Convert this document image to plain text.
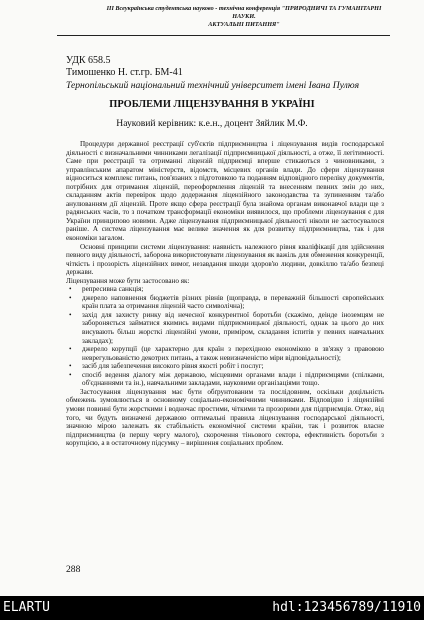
ІІІ Всеукраїнська студентська науково - технічна конференція "ПРИРОДНИЧІ ТА ГУМАНІТАРНІ НАУКИ.
АКТУАЛЬНІ ПИТАННЯ"
УДК 658.5
Тимошенко Н. ст.гр. БМ-41
Тернопільський національний технічний університет імені Івана Пулюя
ПРОБЛЕМИ ЛІЦЕНЗУВАННЯ В УКРАЇНІ
Науковий керівник: к.е.н., доцент Зяйлик М.Ф.

Процедури державної реєстрації суб'єктів підприємництва і ліцензування видів господарської діяльності є визначальними чинниками легалізації підприємницької діяльності, а отже, її легітимності. Саме при реєстрації та отриманні ліцензій підприємці вперше стикаються з чиновниками, з управлінським апаратом міністерств, відомств, місцевих органів влади. До сфери ліцензування відноситься комплекс питань, пов'язаних з підготовкою та поданням відповідного переліку документів, потрібних для отримання ліцензій, переоформлення ліцензій та внесенням певних змін до них, складанням актів перевірок щодо додержання ліцензійного законодавства та зупиненням та/або анулюванням дії ліцензій. Проте якщо сфера реєстрації була знайома органам виконавчої влади ще з радянських часів, то з початком трансформації економіки виявилося, що проблеми ліцензування є для України принципово новими. Адже ліцензування підприємницької діяльності ніколи не застосувалося раніше. А система ліцензування має велике значення як для розвитку підприємництва, так і для економіки загалом.

Основні принципи системи ліцензування: наявність належного рівня кваліфікації для здійснення певного виду діяльності, заборона використовувати ліцензування як важіль для обмеження конкуренції, чіткість і прозорість ліцензійних вимог, незавдання шкоди здоров'ю людини, довкіллю та/або безпеці держави.

Ліцензування може бути застосовано як:

• репресивна санкція;
• джерело наповнення бюджетів різних рівнів (щоправда, в переважній більшості європейських країн плата за отримання ліцензій часто символічна);
• захід для захисту ринку від нечесної конкурентної боротьби (скажімо, деінде іноземцям не забороняється займатися якимись видами підприємницької діяльності, однак за цього до них висувають більш жорсткі ліцензійні умови, приміром, складання іспитів у певних навчальних закладах);
• джерело корупції (це характерно для країн з перехідною економікою в зв'язку з правовою неврегульованістю декотрих питань, а також невизначеністю міри відповідальності);
• засіб для забезпечення високого рівня якості робіт і послуг;
• спосіб ведення діалогу між державою, місцевими органами влади і підприємцями (спілками, об'єднаннями та ін.), навчальними закладами, науковими організаціями тощо.

Застосування ліцензування має бути обґрунтованим та послідовним, оскільки доцільність обмежень зумовлюється в основному соціально-економічними чинниками. Відповідно і ліцензійні умови повинні бути жорсткими і водночас простими, чіткими та прозорими для підприємців. Отже, від того, чи будуть визначені державою оптимальні правила ліцензування господарської діяльності, значною мірою залежать як стабільність економічної системи країни, так і розвиток власне підприємництва (в першу чергу малого), скорочення тіньового сектора, ефективність боротьби з корупцією, а в остаточному підсумку – вирішення соціальних проблем.

288
ELARTU	hdl:123456789/11910
